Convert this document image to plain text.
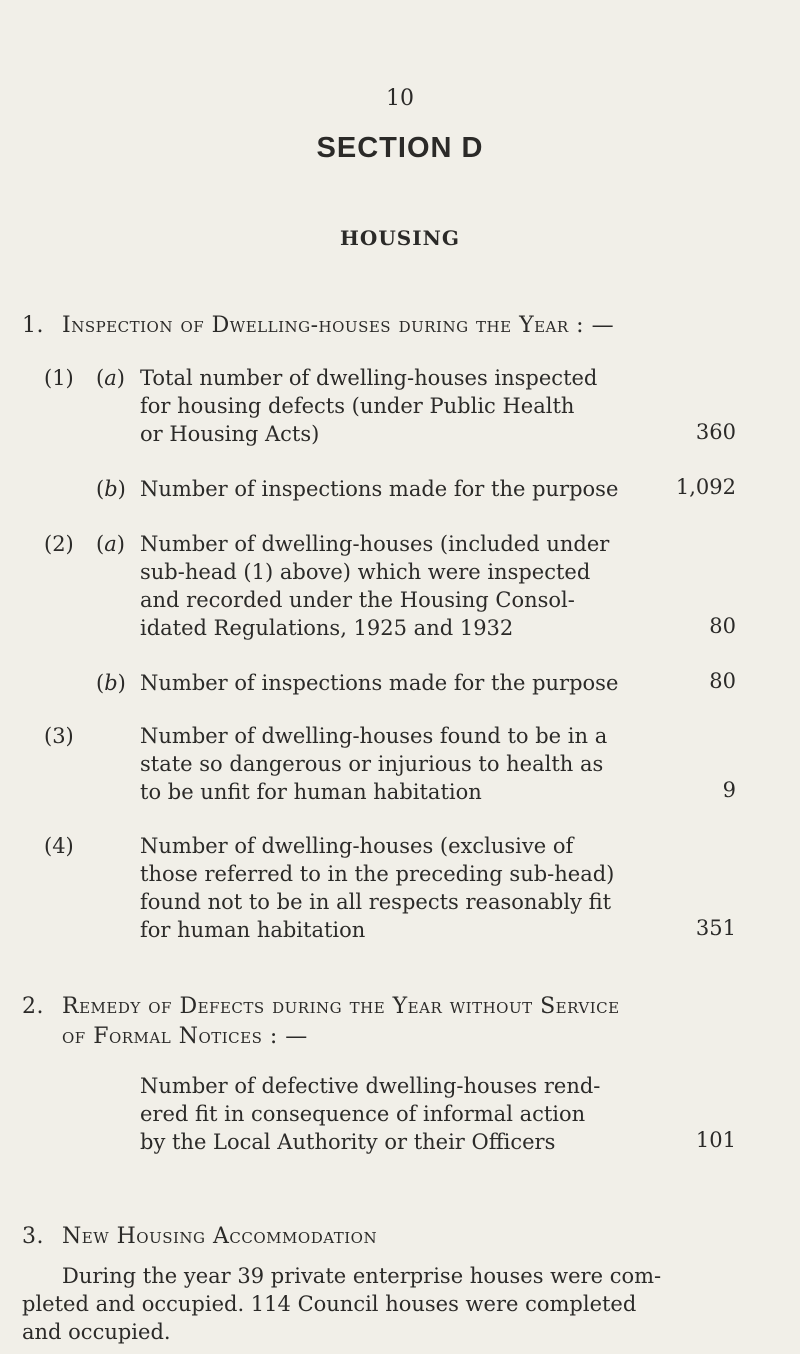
10
SECTION D
HOUSING
1. Inspection of Dwelling-houses during the Year : —
(1) (a) Total number of dwelling-houses inspected
for housing defects (under Public Health
or Housing Acts)	360
(b) Number of inspections made for the purpose	1,092
(2) (a) Number of dwelling-houses (included under
sub-head (1) above) which were inspected
and recorded under the Housing Consol-
idated Regulations, 1925 and 1932	80
(b) Number of inspections made for the purpose	80
(3)	Number of dwelling-houses found to be in a
state so dangerous or injurious to health as
to be unfit for human habitation	9
(4)	Number of dwelling-houses (exclusive of
those referred to in the preceding sub-head)
found not to be in all respects reasonably fit
for human habitation	351
2. Remedy of Defects during the Year without Service
of Formal Notices : —
Number of defective dwelling-houses rend-
ered fit in consequence of informal action
by the Local Authority or their Officers	101
3. New Housing Accommodation
During the year 39 private enterprise houses were com-
pleted and occupied. 114 Council houses were completed
and occupied.
